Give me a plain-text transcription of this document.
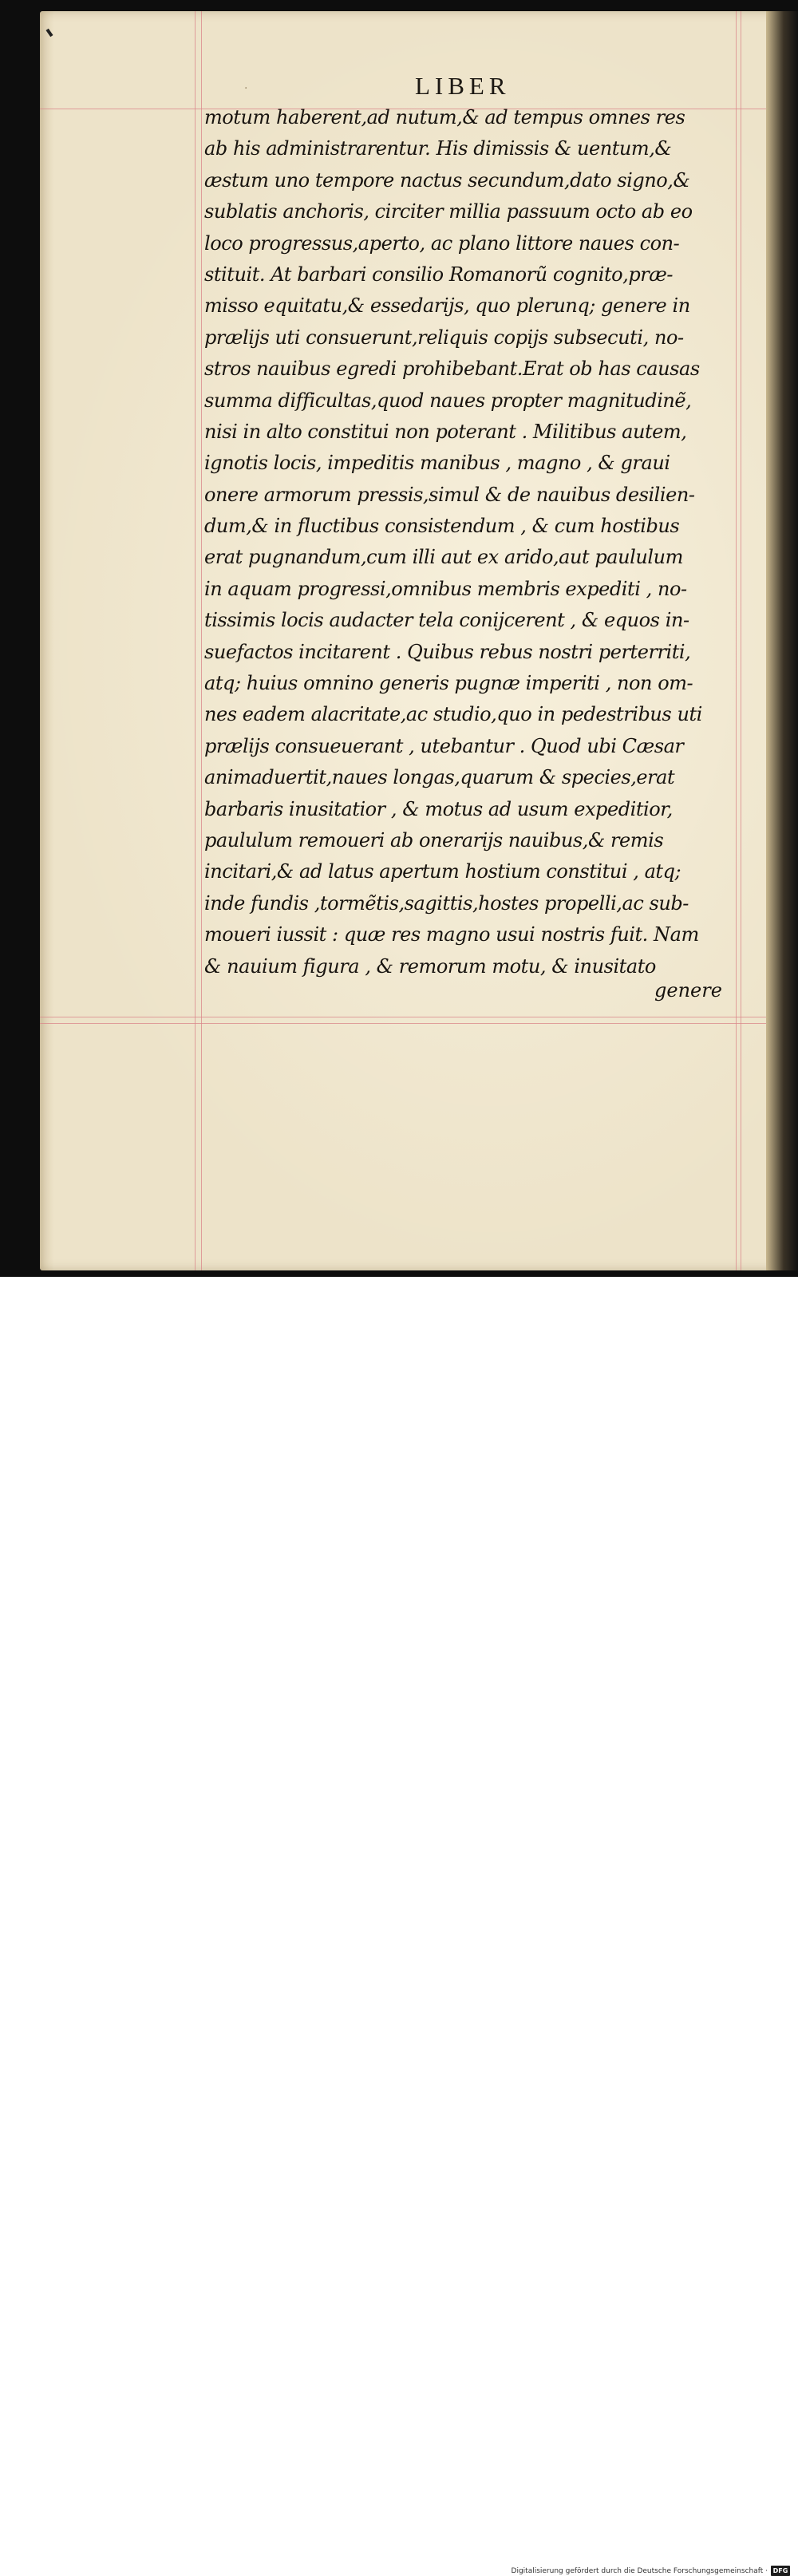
·	LIBER
motum haberent,ad nutum,& ad tempus omnes res
ab his administrarentur. His dimissis & uentum,&
æstum uno tempore nactus secundum,dato signo,&
sublatis anchoris, circiter millia passuum octo ab eo
loco progressus,aperto, ac plano littore naues con-
stituit. At barbari consilio Romanorũ cognito,præ-
misso equitatu,& essedarijs, quo plerunq; genere in
prælijs uti consuerunt,reliquis copijs subsecuti, no-
stros nauibus egredi prohibebant.Erat ob has causas
summa difficultas,quod naues propter magnitudinẽ,
nisi in alto constitui non poterant . Militibus autem,
ignotis locis, impeditis manibus , magno , & graui
onere armorum pressis,simul & de nauibus desilien-
dum,& in fluctibus consistendum , & cum hostibus
erat pugnandum,cum illi aut ex arido,aut paululum
in aquam progressi,omnibus membris expediti , no-
tissimis locis audacter tela conijcerent , & equos in-
suefactos incitarent . Quibus rebus nostri perterriti,
atq; huius omnino generis pugnæ imperiti , non om-
nes eadem alacritate,ac studio,quo in pedestribus uti
prælijs consueuerant , utebantur . Quod ubi Cæsar
animaduertit,naues longas,quarum & species,erat
barbaris inusitatior , & motus ad usum expeditior,
paululum remoueri ab onerarijs nauibus,& remis
incitari,& ad latus apertum hostium constitui , atq;
inde fundis ,tormẽtis,sagittis,hostes propelli,ac sub-
moueri iussit : quæ res magno usui nostris fuit. Nam
& nauium figura , & remorum motu, & inusitato

genere

Digitalisierung gefördert durch die Deutsche Forschungsgemeinschaft · DFG
